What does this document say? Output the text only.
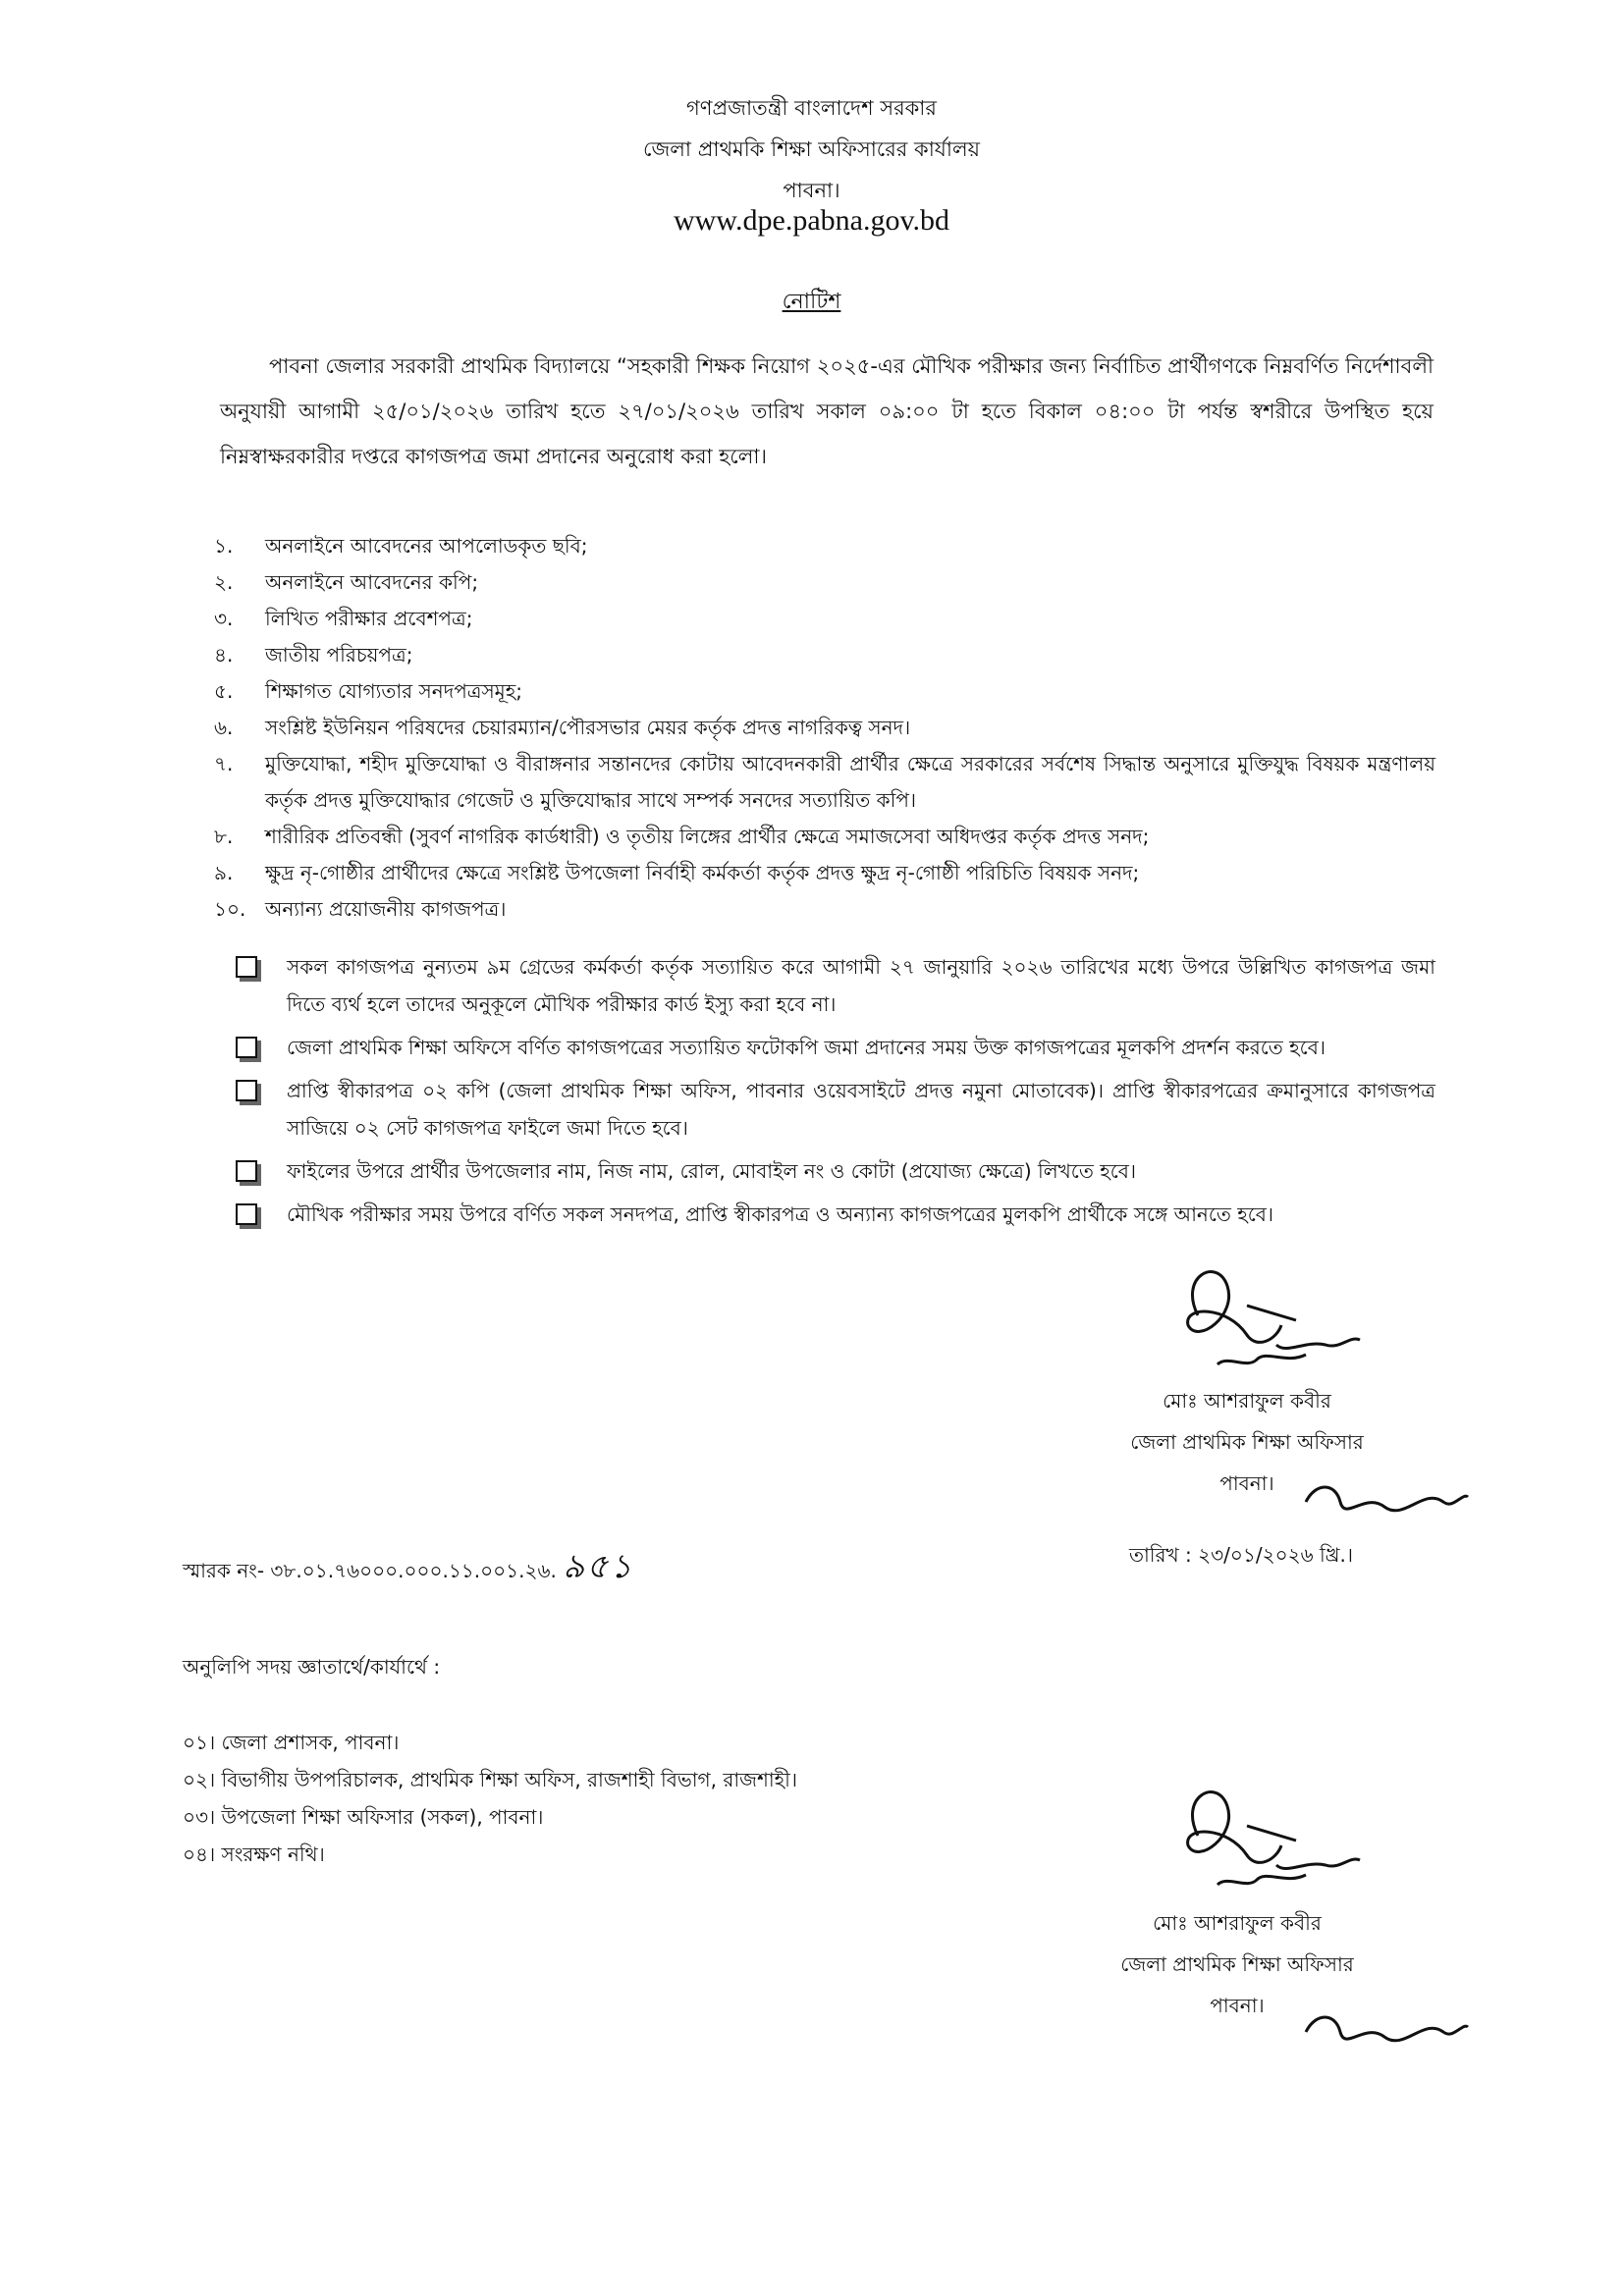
গণপ্রজাতন্ত্রী বাংলাদেশ সরকার
জেলা প্রাথমকি শিক্ষা অফিসারের কার্যালয়
পাবনা।
www.dpe.pabna.gov.bd
নোটিশ
পাবনা জেলার সরকারী প্রাথমিক বিদ্যালয়ে “সহকারী শিক্ষক নিয়োগ ২০২৫-এর মৌখিক পরীক্ষার জন্য নির্বাচিত প্রার্থীগণকে নিম্নবর্ণিত নির্দেশাবলী অনুযায়ী আগামী ২৫/০১/২০২৬ তারিখ হতে ২৭/০১/২০২৬ তারিখ সকাল ০৯:০০ টা হতে বিকাল ০৪:০০ টা পর্যন্ত স্বশরীরে উপস্থিত হয়ে নিম্নস্বাক্ষরকারীর দপ্তরে কাগজপত্র জমা প্রদানের অনুরোধ করা হলো।
১. অনলাইনে আবেদনের আপলোডকৃত ছবি;
২. অনলাইনে আবেদনের কপি;
৩. লিখিত পরীক্ষার প্রবেশপত্র;
৪. জাতীয় পরিচয়পত্র;
৫. শিক্ষাগত যোগ্যতার সনদপত্রসমূহ;
৬. সংশ্লিষ্ট ইউনিয়ন পরিষদের চেয়ারম্যান/পৌরসভার মেয়র কর্তৃক প্রদত্ত নাগরিকত্ব সনদ।
৭. মুক্তিযোদ্ধা, শহীদ মুক্তিযোদ্ধা ও বীরাঙ্গনার সন্তানদের কোটায় আবেদনকারী প্রার্থীর ক্ষেত্রে সরকারের সর্বশেষ সিদ্ধান্ত অনুসারে মুক্তিযুদ্ধ বিষয়ক মন্ত্রণালয় কর্তৃক প্রদত্ত মুক্তিযোদ্ধার গেজেট ও মুক্তিযোদ্ধার সাথে সম্পর্ক সনদের সত্যায়িত কপি।
৮. শারীরিক প্রতিবন্ধী (সুবর্ণ নাগরিক কার্ডধারী) ও তৃতীয় লিঙ্গের প্রার্থীর ক্ষেত্রে সমাজসেবা অধিদপ্তর কর্তৃক প্রদত্ত সনদ;
৯. ক্ষুদ্র নৃ-গোষ্ঠীর প্রার্থীদের ক্ষেত্রে সংশ্লিষ্ট উপজেলা নির্বাহী কর্মকর্তা কর্তৃক প্রদত্ত ক্ষুদ্র নৃ-গোষ্ঠী পরিচিতি বিষয়ক সনদ;
১০. অন্যান্য প্রয়োজনীয় কাগজপত্র।
সকল কাগজপত্র নুন্যতম ৯ম গ্রেডের কর্মকর্তা কর্তৃক সত্যায়িত করে আগামী ২৭ জানুয়ারি ২০২৬ তারিখের মধ্যে উপরে উল্লিখিত কাগজপত্র জমা দিতে ব্যর্থ হলে তাদের অনুকূলে মৌখিক পরীক্ষার কার্ড ইস্যু করা হবে না।
জেলা প্রাথমিক শিক্ষা অফিসে বর্ণিত কাগজপত্রের সত্যায়িত ফটোকপি জমা প্রদানের সময় উক্ত কাগজপত্রের মূলকপি প্রদর্শন করতে হবে।
প্রাপ্তি স্বীকারপত্র ০২ কপি (জেলা প্রাথমিক শিক্ষা অফিস, পাবনার ওয়েবসাইটে প্রদত্ত নমুনা মোতাবেক)। প্রাপ্তি স্বীকারপত্রের ক্রমানুসারে কাগজপত্র সাজিয়ে ০২ সেট কাগজপত্র ফাইলে জমা দিতে হবে।
ফাইলের উপরে প্রার্থীর উপজেলার নাম, নিজ নাম, রোল, মোবাইল নং ও কোটা (প্রযোজ্য ক্ষেত্রে) লিখতে হবে।
মৌখিক পরীক্ষার সময় উপরে বর্ণিত সকল সনদপত্র, প্রাপ্তি স্বীকারপত্র ও অন্যান্য কাগজপত্রের মুলকপি প্রার্থীকে সঙ্গে আনতে হবে।
মোঃ আশরাফুল কবীর
জেলা প্রাথমিক শিক্ষা অফিসার
পাবনা।
স্মারক নং- ৩৮.০১.৭৬০০০.০০০.১১.০০১.২৬. ৯৫১	তারিখ : ২৩/০১/২০২৬ খ্রি.।
অনুলিপি সদয় জ্ঞাতার্থে/কার্যার্থে :
০১। জেলা প্রশাসক, পাবনা।
০২। বিভাগীয় উপপরিচালক, প্রাথমিক শিক্ষা অফিস, রাজশাহী বিভাগ, রাজশাহী।
০৩। উপজেলা শিক্ষা অফিসার (সকল), পাবনা।
০৪। সংরক্ষণ নথি।
মোঃ আশরাফুল কবীর
জেলা প্রাথমিক শিক্ষা অফিসার
পাবনা।
